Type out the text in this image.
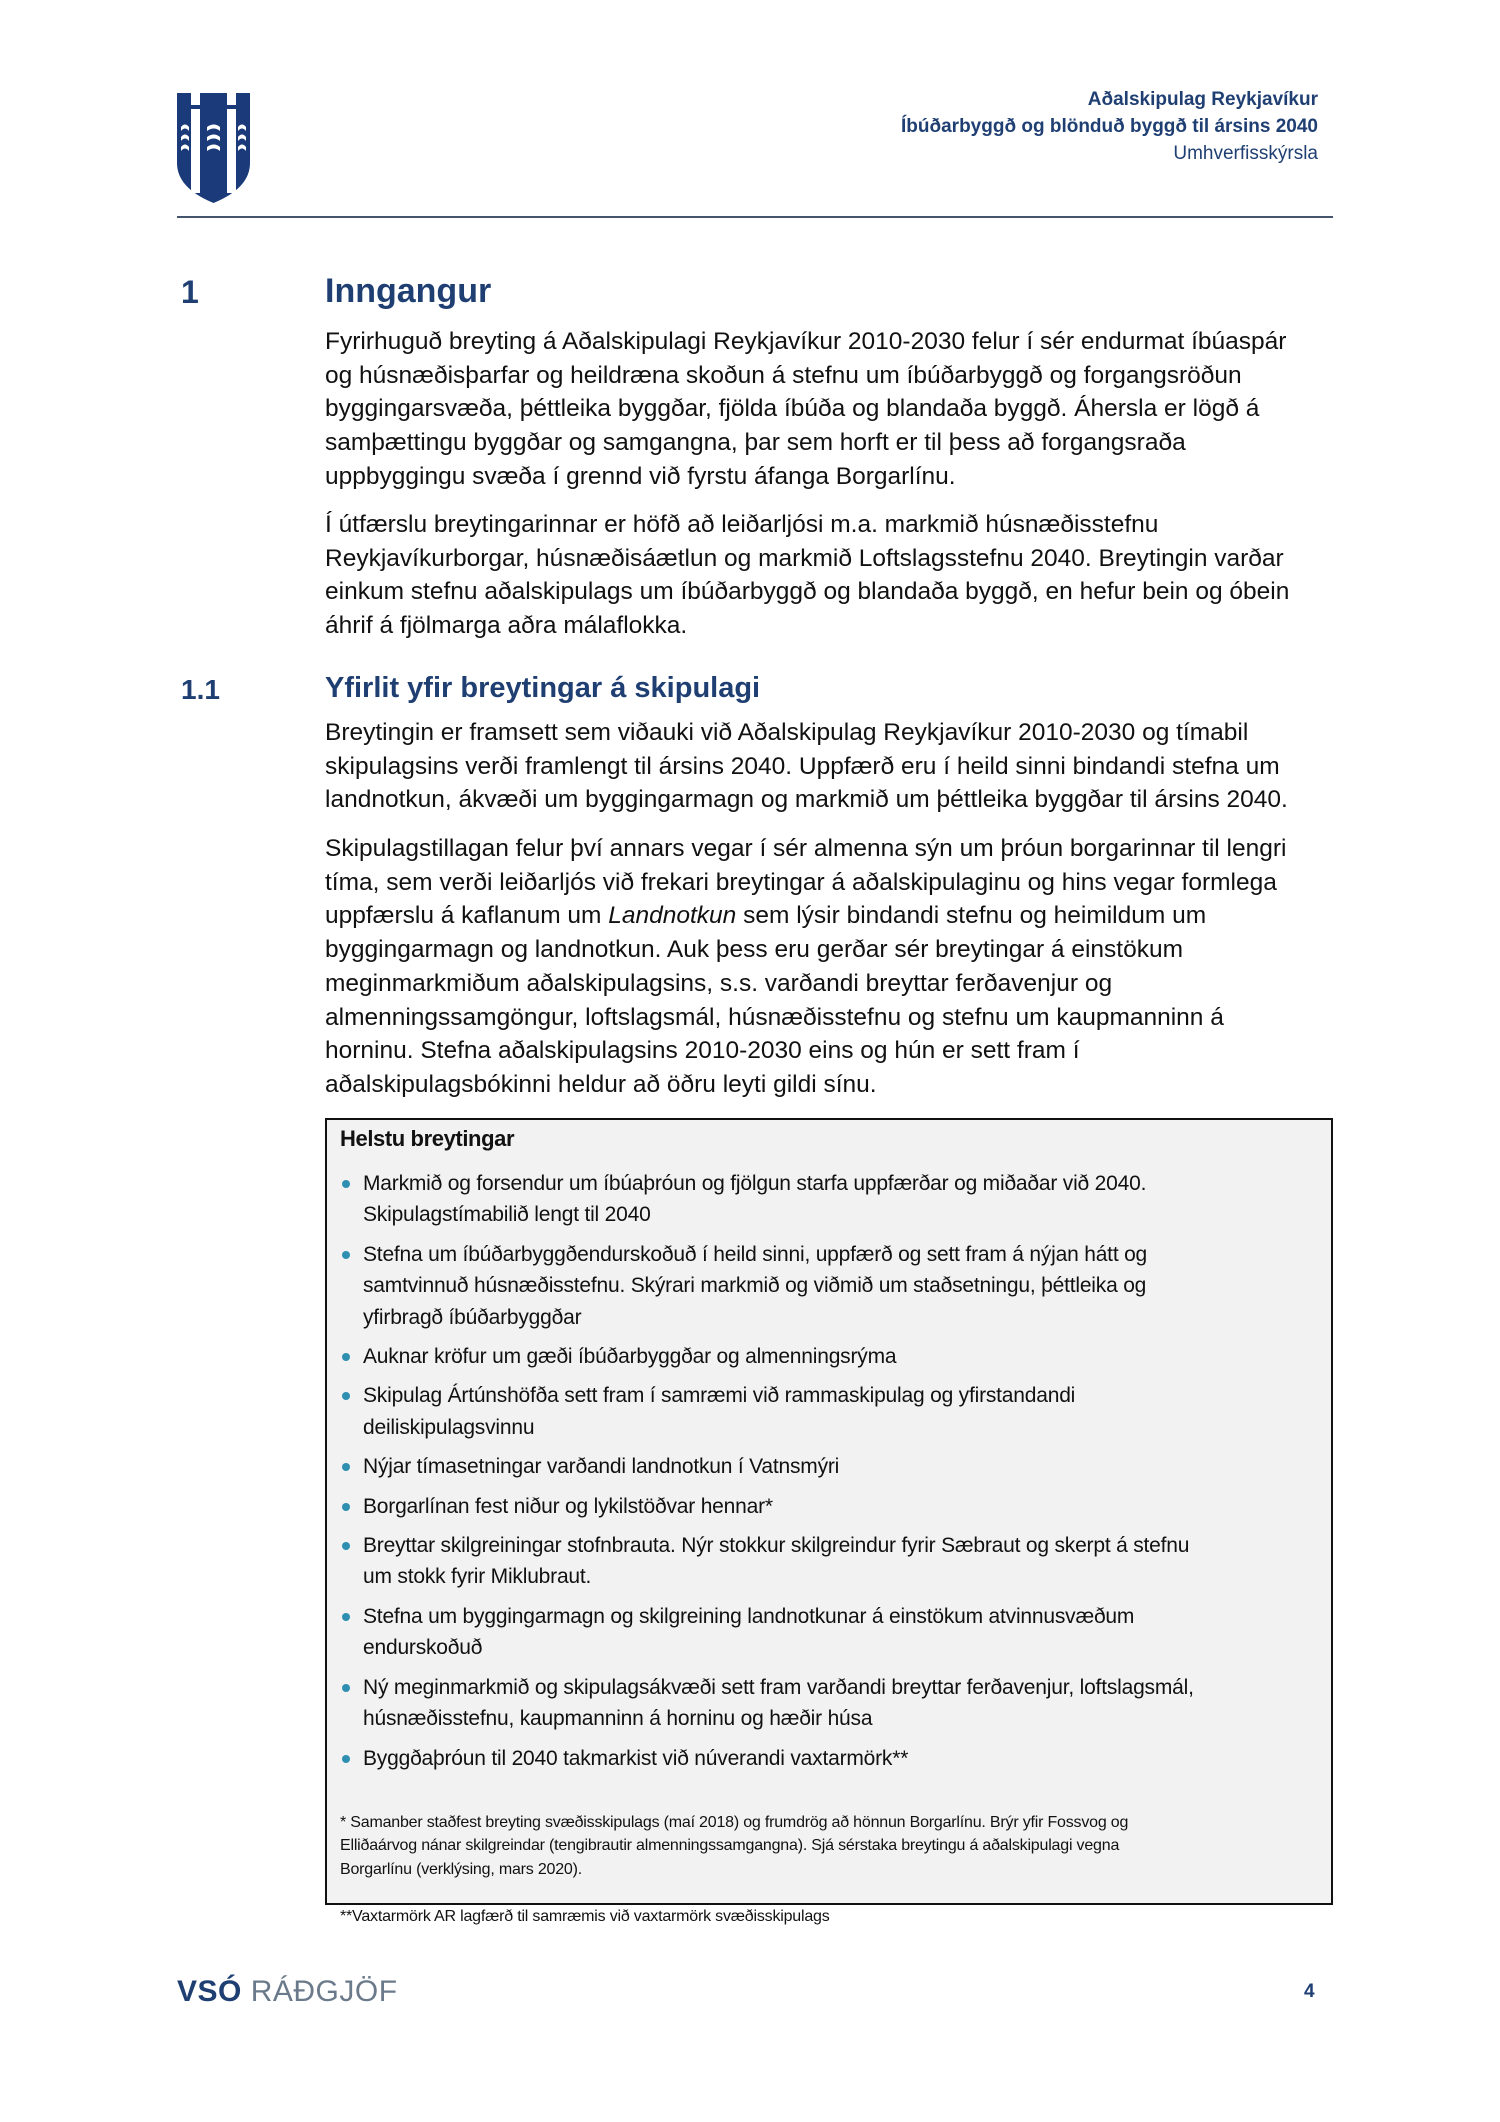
Aðalskipulag Reykjavíkur
Íbúðarbyggð og blönduð byggð til ársins 2040
Umhverfisskýrsla
1	Inngangur

Fyrirhuguð breyting á Aðalskipulagi Reykjavíkur 2010-2030 felur í sér endurmat íbúaspár
og húsnæðisþarfar og heildræna skoðun á stefnu um íbúðarbyggð og forgangsröðun
byggingarsvæða, þéttleika byggðar, fjölda íbúða og blandaða byggð. Áhersla er lögð á
samþættingu byggðar og samgangna, þar sem horft er til þess að forgangsraða
uppbyggingu svæða í grennd við fyrstu áfanga Borgarlínu.

Í útfærslu breytingarinnar er höfð að leiðarljósi m.a. markmið húsnæðisstefnu
Reykjavíkurborgar, húsnæðisáætlun og markmið Loftslagsstefnu 2040. Breytingin varðar
einkum stefnu aðalskipulags um íbúðarbyggð og blandaða byggð, en hefur bein og óbein
áhrif á fjölmarga aðra málaflokka.

1.1	Yfirlit yfir breytingar á skipulagi

Breytingin er framsett sem viðauki við Aðalskipulag Reykjavíkur 2010-2030 og tímabil
skipulagsins verði framlengt til ársins 2040. Uppfærð eru í heild sinni bindandi stefna um
landnotkun, ákvæði um byggingarmagn og markmið um þéttleika byggðar til ársins 2040.

Skipulagstillagan felur því annars vegar í sér almenna sýn um þróun borgarinnar til lengri
tíma, sem verði leiðarljós við frekari breytingar á aðalskipulaginu og hins vegar formlega
uppfærslu á kaflanum um Landnotkun sem lýsir bindandi stefnu og heimildum um
byggingarmagn og landnotkun. Auk þess eru gerðar sér breytingar á einstökum
meginmarkmiðum aðalskipulagsins, s.s. varðandi breyttar ferðavenjur og
almenningssamgöngur, loftslagsmál, húsnæðisstefnu og stefnu um kaupmanninn á
horninu. Stefna aðalskipulagsins 2010-2030 eins og hún er sett fram í
aðalskipulagsbókinni heldur að öðru leyti gildi sínu.

Helstu breytingar
Markmið og forsendur um íbúaþróun og fjölgun starfa uppfærðar og miðaðar við 2040.
Skipulagstímabilið lengt til 2040
Stefna um íbúðarbyggðendurskoðuð í heild sinni, uppfærð og sett fram á nýjan hátt og
samtvinnuð húsnæðisstefnu. Skýrari markmið og viðmið um staðsetningu, þéttleika og
yfirbragð íbúðarbyggðar
Auknar kröfur um gæði íbúðarbyggðar og almenningsrýma
Skipulag Ártúnshöfða sett fram í samræmi við rammaskipulag og yfirstandandi
deiliskipulagsvinnu
Nýjar tímasetningar varðandi landnotkun í Vatnsmýri
Borgarlínan fest niður og lykilstöðvar hennar*
Breyttar skilgreiningar stofnbrauta. Nýr stokkur skilgreindur fyrir Sæbraut og skerpt á stefnu
um stokk fyrir Miklubraut.
Stefna um byggingarmagn og skilgreining landnotkunar á einstökum atvinnusvæðum
endurskoðuð
Ný meginmarkmið og skipulagsákvæði sett fram varðandi breyttar ferðavenjur, loftslagsmál,
húsnæðisstefnu, kaupmanninn á horninu og hæðir húsa
Byggðaþróun til 2040 takmarkist við núverandi vaxtarmörk**

* Samanber staðfest breyting svæðisskipulags (maí 2018) og frumdrög að hönnun Borgarlínu. Brýr yfir Fossvog og
Elliðaárvog nánar skilgreindar (tengibrautir almenningssamgangna). Sjá sérstaka breytingu á aðalskipulagi vegna
Borgarlínu (verklýsing, mars 2020).

**Vaxtarmörk AR lagfærð til samræmis við vaxtarmörk svæðisskipulags

VSÓ RÁÐGJÖF	4
